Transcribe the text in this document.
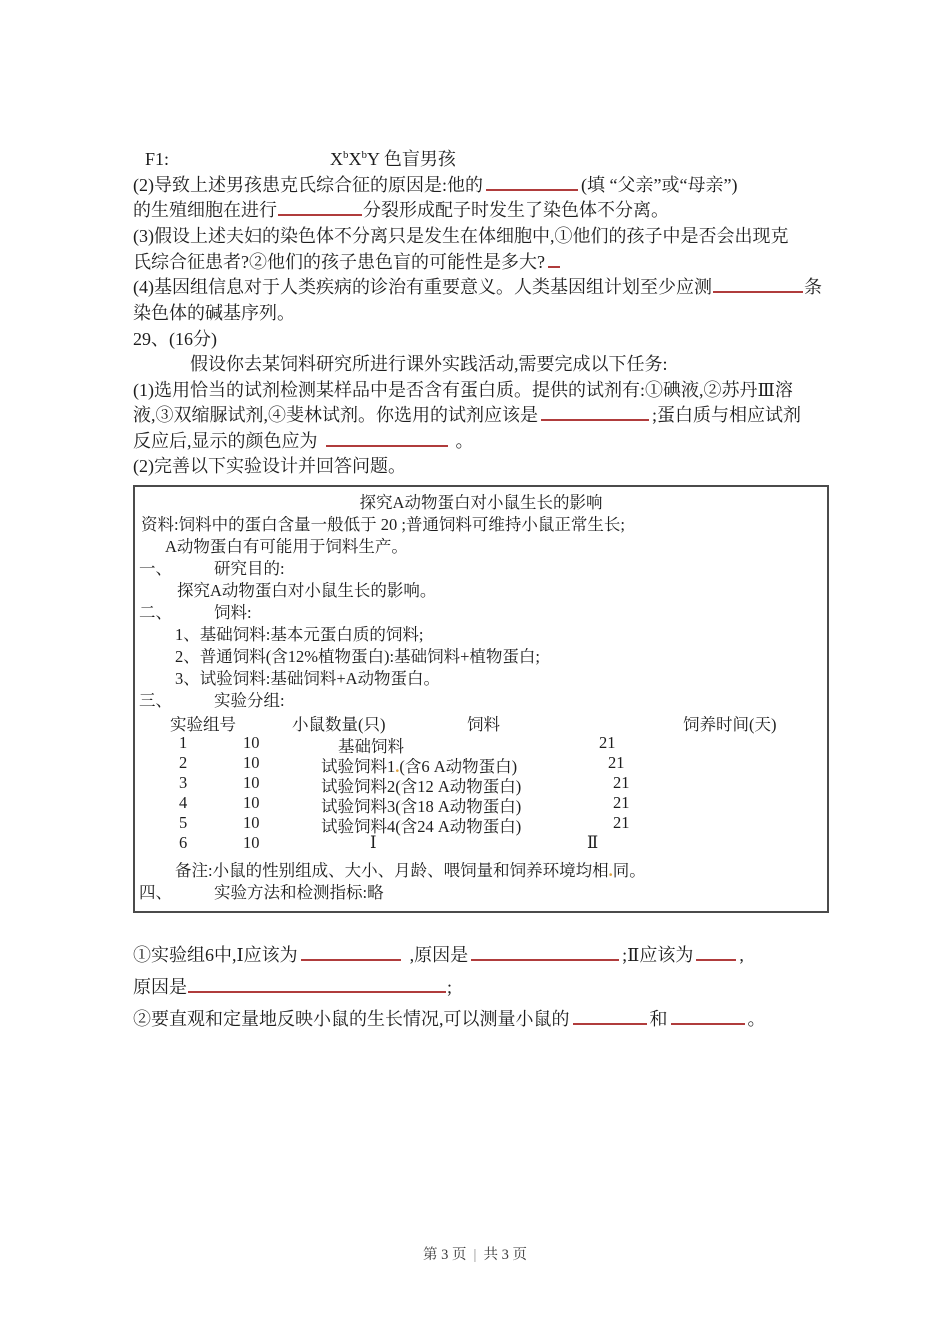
F1:	$X^bX^bY$ 色盲男孩
(2)导致上述男孩患克氏综合征的原因是:他的	(填 “父亲”或“母亲”)
的生殖细胞在进行	分裂形成配子时发生了染色体不分离。
(3)假设上述夫妇的染色体不分离只是发生在体细胞中,①他们的孩子中是否会出现克
氏综合征患者?②他们的孩子患色盲的可能性是多大?
(4)基因组信息对于人类疾病的诊治有重要意义。人类基因组计划至少应测	条
染色体的碱基序列。
29、(16分)
假设你去某饲料研究所进行课外实践活动,需要完成以下任务:
(1)选用恰当的试剂检测某样品中是否含有蛋白质。提供的试剂有:①碘液,②苏丹Ⅲ溶
液,③双缩脲试剂,④斐林试剂。你选用的试剂应该是	;蛋白质与相应试剂
反应后,显示的颜色应为	。
(2)完善以下实验设计并回答问题。
探究A动物蛋白对小鼠生长的影响
资料:饲料中的蛋白含量一般低于 20 ;普通饲料可维持小鼠正常生长;
A动物蛋白有可能用于饲料生产。
一、	研究目的:
探究A动物蛋白对小鼠生长的影响。
二、	饲料:
1、基础饲料:基本元蛋白质的饲料;
2、普通饲料(含12%植物蛋白):基础饲料+植物蛋白;
3、试验饲料:基础饲料+A动物蛋白。
三、	实验分组:
实验组号	小鼠数量(只)	饲料	饲养时间(天)
1	10	基础饲料	21
2	10	试验饲料1.(含6 A动物蛋白)	21
3	10	试验饲料2(含12 A动物蛋白)	21
4	10	试验饲料3(含18 A动物蛋白)	21
5	10	试验饲料4(含24 A动物蛋白)	21
6	10	Ⅰ	Ⅱ
备注:小鼠的性别组成、大小、月龄、喂饲量和饲养环境均相.同。
四、	实验方法和检测指标:略
①实验组6中,Ⅰ应该为	,原因是	;Ⅱ应该为	,
原因是	;
②要直观和定量地反映小鼠的生长情况,可以测量小鼠的	和	。
第 3 页 | 共 3 页
